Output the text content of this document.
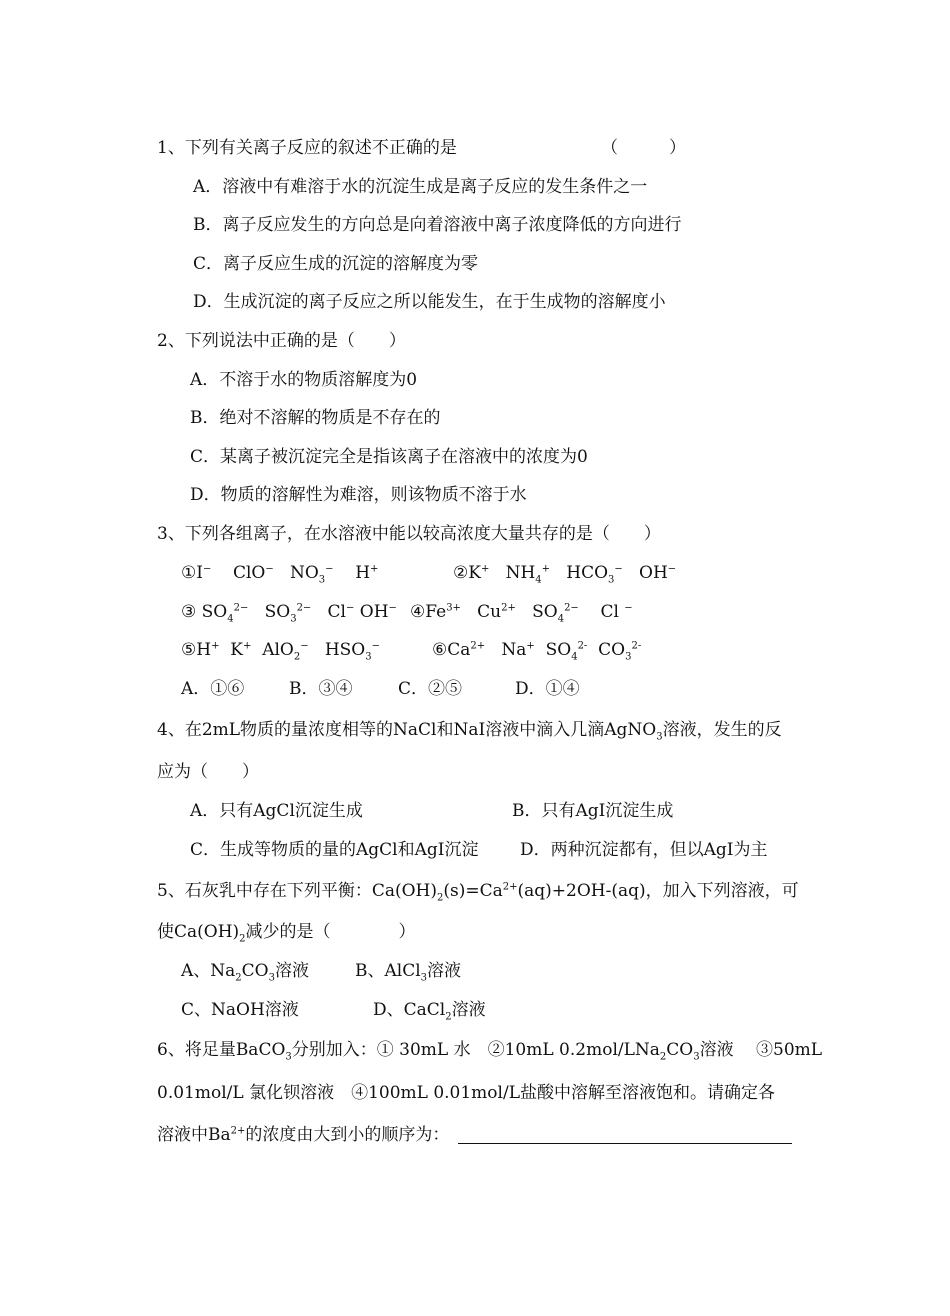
1、下列有关离子反应的叙述不正确的是	（　　　）
A．溶液中有难溶于水的沉淀生成是离子反应的发生条件之一
B．离子反应发生的方向总是向着溶液中离子浓度降低的方向进行
C．离子反应生成的沉淀的溶解度为零
D．生成沉淀的离子反应之所以能发生，在于生成物的溶解度小
2、下列说法中正确的是（　　）
A．不溶于水的物质溶解度为0
B．绝对不溶解的物质是不存在的
C．某离子被沉淀完全是指该离子在溶液中的浓度为0
D．物质的溶解性为难溶，则该物质不溶于水
3、下列各组离子，在水溶液中能以较高浓度大量共存的是（　　）
①I− ClO− $NO_3^-$ H+	②K+ $NH_4^+$ $HCO_3^-$ OH−
③ $SO_4^{2-}$ $SO_3^{2-}$ Cl− OH− $④Fe^{3+}$ $Cu^{2+}$ $SO_4^{2-}$ Cl −
⑤H+ K+ AlO$_2$− $HSO_3^-$	$⑥Ca^{2+}$ Na+ $SO_4^{2-}$ $CO_3^{2-}$
A．①⑥	B．③④	C．②⑤	D．①④
4、在2mL物质的量浓度相等的NaCl和NaI溶液中滴入几滴AgNO$_3$溶液，发生的反
应为（　　）
A．只有AgCl沉淀生成	B．只有AgI沉淀生成
C．生成等物质的量的AgCl和AgI沉淀 D．两种沉淀都有，但以AgI为主
5、石灰乳中存在下列平衡：$Ca(OH)_2(s)=Ca^{2+}(aq)+2OH-(aq)$，加入下列溶液，可
使$Ca(OH)_2$减少的是（　　　　）
A、$Na_2CO_3$溶液	B、AlCl$_3$溶液
C、NaOH溶液	D、CaCl$_2$溶液
6、将足量BaCO$_3$分别加入：① 30mL 水　②10mL $0.2mol/LNa_2CO_3$溶液　 ③50mL
0.01mol/L 氯化钡溶液　④100mL 0.01mol/L盐酸中溶解至溶液饱和。请确定各
溶液中$Ba^{2+}$的浓度由大到小的顺序为：
